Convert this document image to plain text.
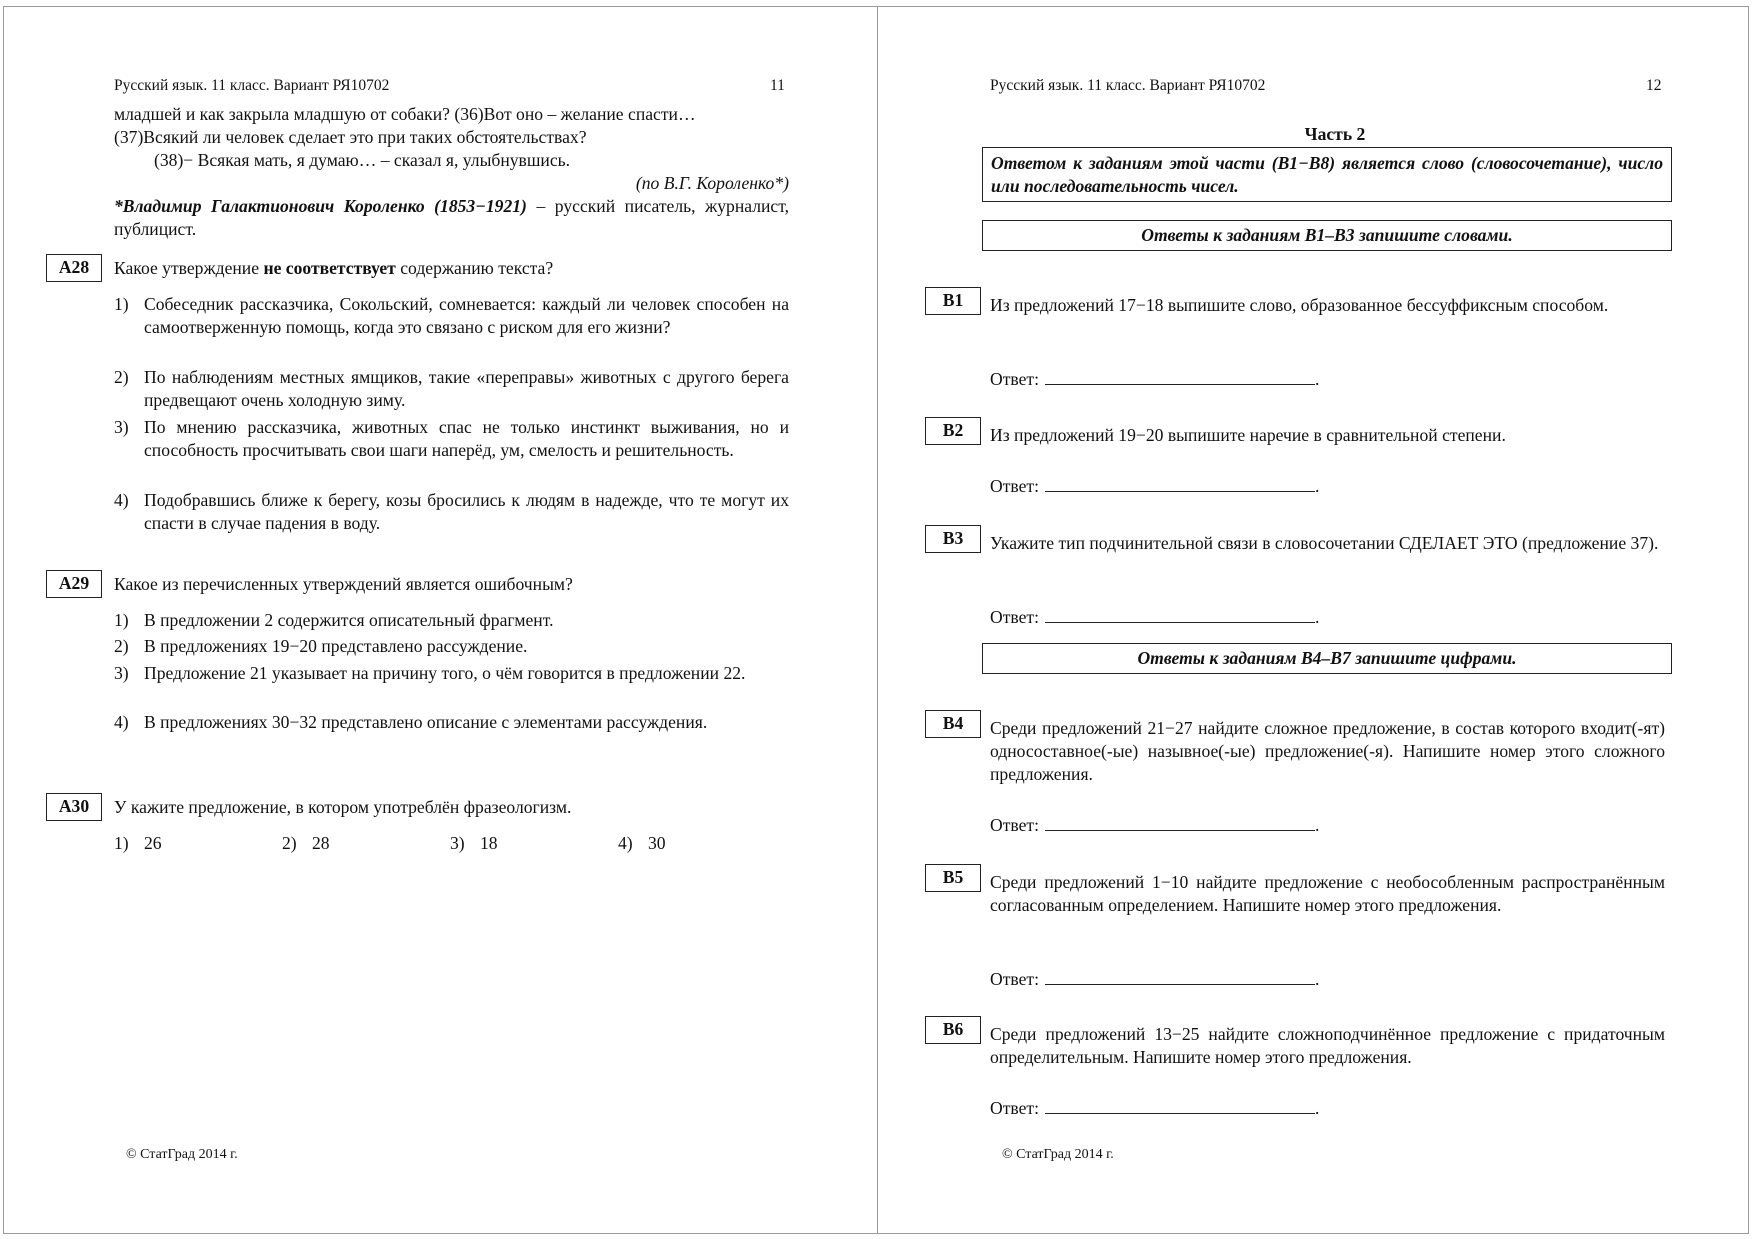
Русский язык. 11 класс. Вариант РЯ10702	11
младшей и как закрыла младшую от собаки? (36)Вот оно – желание спасти…
(37)Всякий ли человек сделает это при таких обстоятельствах?
(38)− Всякая мать, я думаю… – сказал я, улыбнувшись.
(по В.Г. Короленко*)
*Владимир Галактионович Короленко (1853−1921) – русский писатель, журналист, публицист.
A28	Какое утверждение не соответствует содержанию текста?
1) Собеседник рассказчика, Сокольский, сомневается: каждый ли человек способен на самоотверженную помощь, когда это связано с риском для его жизни?
2) По наблюдениям местных ямщиков, такие «переправы» животных с другого берега предвещают очень холодную зиму.
3) По мнению рассказчика, животных спас не только инстинкт выживания, но и способность просчитывать свои шаги наперёд, ум, смелость и решительность.
4) Подобравшись ближе к берегу, козы бросились к людям в надежде, что те могут их спасти в случае падения в воду.
A29	Какое из перечисленных утверждений является ошибочным?
1) В предложении 2 содержится описательный фрагмент.
2) В предложениях 19−20 представлено рассуждение.
3) Предложение 21 указывает на причину того, о чём говорится в предложении 22.
4) В предложениях 30−32 представлено описание с элементами рассуждения.
A30	У кажите предложение, в котором употреблён фразеологизм.
1) 26	2) 28	3) 18	4) 30
© СтатГрад 2014 г.
Русский язык. 11 класс. Вариант РЯ10702	12
Часть 2
Ответом к заданиям этой части (В1−В8) является слово (словосочетание), число или последовательность чисел.
Ответы к заданиям В1–В3 запишите словами.
B1	Из предложений 17−18 выпишите слово, образованное бессуффиксным способом.
Ответ:	.
B2	Из предложений 19−20 выпишите наречие в сравнительной степени.
Ответ:	.
B3	Укажите тип подчинительной связи в словосочетании СДЕЛАЕТ ЭТО (предложение 37).
Ответ:	.
Ответы к заданиям В4–В7 запишите цифрами.
B4	Среди предложений 21−27 найдите сложное предложение, в состав которого входит(-ят) односоставное(-ые) назывное(-ые) предложение(-я). Напишите номер этого сложного предложения.
Ответ:	.
B5	Среди предложений 1−10 найдите предложение с необособленным распространённым согласованным определением. Напишите номер этого предложения.
Ответ:	.
B6	Среди предложений 13−25 найдите сложноподчинённое предложение с придаточным определительным. Напишите номер этого предложения.
Ответ:	.
© СтатГрад 2014 г.
